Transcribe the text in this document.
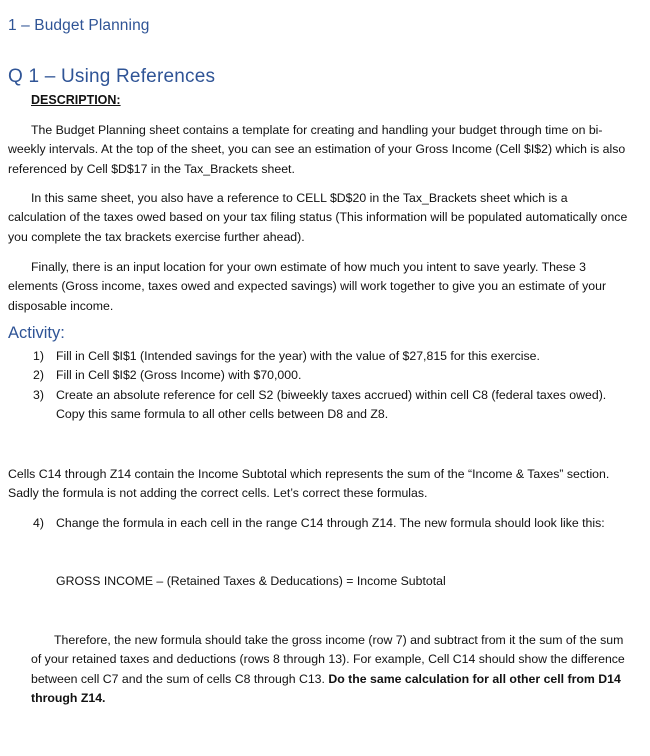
1 – Budget Planning
Q 1 – Using References
DESCRIPTION:
The Budget Planning sheet contains a template for creating and handling your budget through time on bi-weekly intervals. At the top of the sheet, you can see an estimation of your Gross Income (Cell $I$2) which is also referenced by Cell $D$17 in the Tax_Brackets sheet.
In this same sheet, you also have a reference to CELL $D$20 in the Tax_Brackets sheet which is a calculation of the taxes owed based on your tax filing status (This information will be populated automatically once you complete the tax brackets exercise further ahead).
Finally, there is an input location for your own estimate of how much you intent to save yearly. These 3 elements (Gross income, taxes owed and expected savings) will work together to give you an estimate of your disposable income.
Activity:
1) Fill in Cell $I$1 (Intended savings for the year) with the value of $27,815 for this exercise.
2) Fill in Cell $I$2 (Gross Income) with $70,000.
3) Create an absolute reference for cell S2 (biweekly taxes accrued) within cell C8 (federal taxes owed). Copy this same formula to all other cells between D8 and Z8.
Cells C14 through Z14 contain the Income Subtotal which represents the sum of the “Income & Taxes” section. Sadly the formula is not adding the correct cells. Let’s correct these formulas.
4) Change the formula in each cell in the range C14 through Z14. The new formula should look like this:
GROSS INCOME – (Retained Taxes & Deducations) = Income Subtotal
Therefore, the new formula should take the gross income (row 7) and subtract from it the sum of the sum of your retained taxes and deductions (rows 8 through 13). For example, Cell C14 should show the difference between cell C7 and the sum of cells C8 through C13. Do the same calculation for all other cell from D14 through Z14.
